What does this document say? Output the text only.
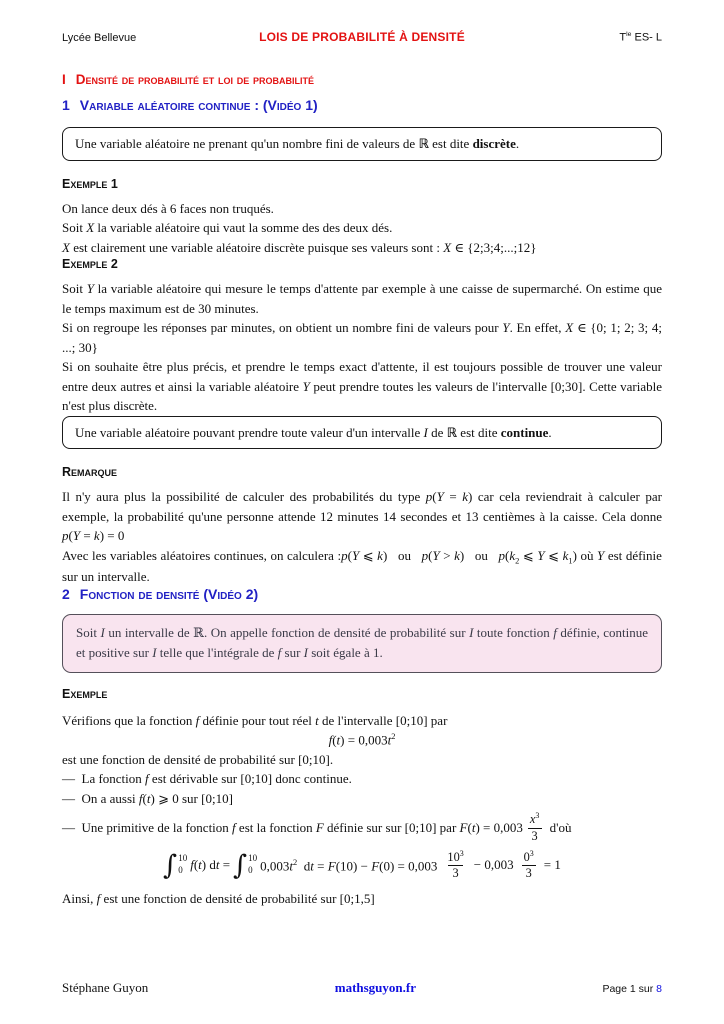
Lycée Bellevue	LOIS DE PROBABILITÉ À DENSITÉ	$T^{le}$ ES- L
I Densité de probabilité et loi de probabilité
1 Variable aléatoire continue : (Vidéo 1)

Une variable aléatoire ne prenant qu'un nombre fini de valeurs de ℝ est dite discrète.

Exemple 1

On lance deux dés à 6 faces non truqués.

Soit X la variable aléatoire qui vaut la somme des des deux dés.

X est clairement une variable aléatoire discrète puisque ses valeurs sont : X ∈ {2;3;4;...;12}

Exemple 2

Soit Y la variable aléatoire qui mesure le temps d'attente par exemple à une caisse de supermarché. On estime que le temps maximum est de 30 minutes.

Si on regroupe les réponses par minutes, on obtient un nombre fini de valeurs pour Y. En effet, X ∈ {0; 1; 2; 3; 4; ...; 30}

Si on souhaite être plus précis, et prendre le temps exact d'attente, il est toujours possible de trouver une valeur entre deux autres et ainsi la variable aléatoire Y peut prendre toutes les valeurs de l'intervalle [0;30]. Cette variable n'est plus discrète.

Une variable aléatoire pouvant prendre toute valeur d'un intervalle I de ℝ est dite continue.

Remarque

Il n'y aura plus la possibilité de calculer des probabilités du type p(Y = k) car cela reviendrait à calculer par exemple, la probabilité qu'une personne attende 12 minutes 14 secondes et 13 centièmes à la caisse. Cela donne p(Y = k) = 0

Avec les variables aléatoires continues, on calculera :p(Y ⩽ k)   ou   p(Y > k)   ou   $p(k_2$ ⩽ Y ⩽ $k_1$) où Y est définie sur un intervalle.

2 Fonction de densité (Vidéo 2)
Soit I un intervalle de ℝ. On appelle fonction de densité de probabilité sur I toute fonction f définie, continue et positive sur I telle que l'intégrale de f sur I soit égale à 1.

Exemple

Vérifions que la fonction f définie pour tout réel t de l'intervalle [0;10] par

$f(t) = 0,003t^2$

est une fonction de densité de probabilité sur [0;10].

—  La fonction f est dérivable sur [0;10] donc continue.

—  On a aussi f(t) ⩾ 0 sur [0;10]

—  Une primitive de la fonction f est la fonction F définie sur sur [0;10] par $F(t) = 0,003 \frac{x^3}{3}$ d'où
∫ 10
0 f(t) dt = ∫ 10
0 $0,003t^2$  dt = $F(10) - F(0) = 0,003 \frac{10^3}{3} - 0,003 \frac{0^3}{3} = 1$

Ainsi, f est une fonction de densité de probabilité sur [0;1,5]

Stéphane Guyon	mathsguyon.fr	Page 1 sur 8
